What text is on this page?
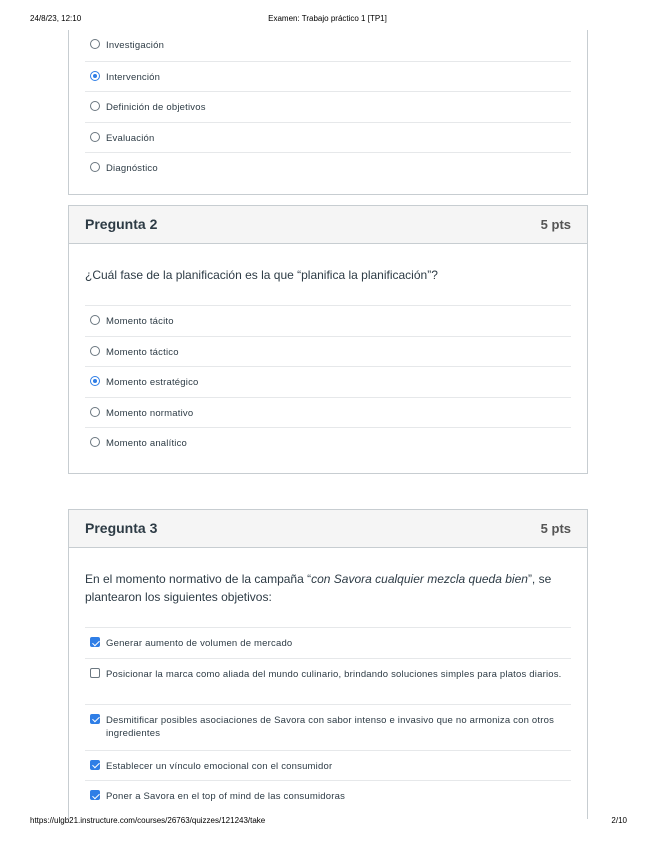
24/8/23, 12:10	Examen: Trabajo práctico 1 [TP1]
Investigación
Intervención
Definición de objetivos
Evaluación
Diagnóstico
Pregunta 2	5 pts
¿Cuál fase de la planificación es la que “planifica la planificación”?
Momento tácito
Momento táctico
Momento estratégico
Momento normativo
Momento analítico
Pregunta 3	5 pts
En el momento normativo de la campaña “con Savora cualquier mezcla queda bien”, se plantearon los siguientes objetivos:
Generar aumento de volumen de mercado
Posicionar la marca como aliada del mundo culinario, brindando soluciones simples para platos diarios.
Desmitificar posibles asociaciones de Savora con sabor intenso e invasivo que no armoniza con otros ingredientes
Establecer un vínculo emocional con el consumidor
Poner a Savora en el top of mind de las consumidoras
https://ulgb21.instructure.com/courses/26763/quizzes/121243/take	2/10
